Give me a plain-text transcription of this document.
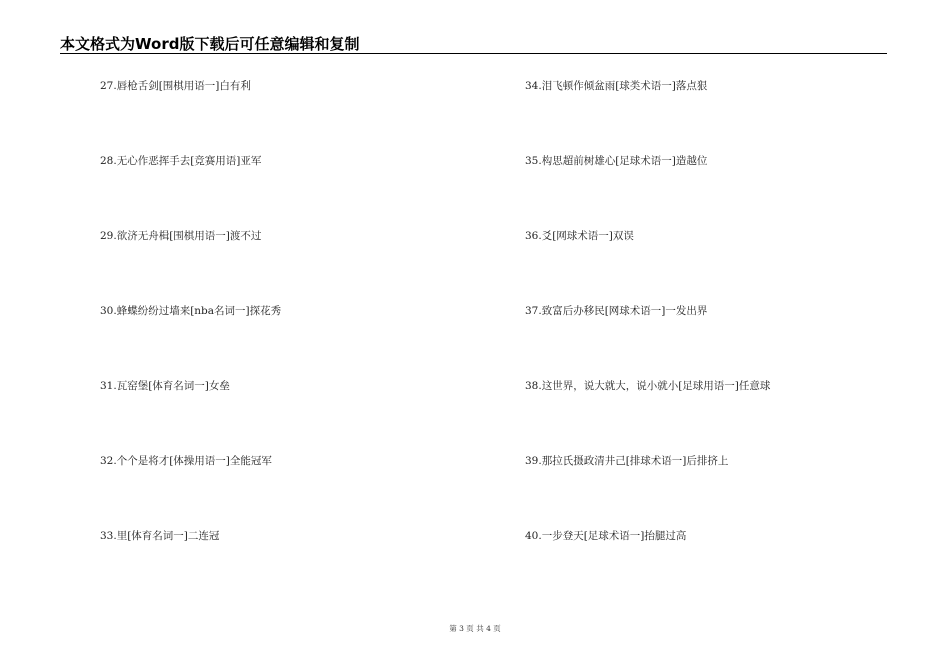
本文格式为Word版下载后可任意编辑和复制
27.唇枪舌剑[围棋用语一]白有利
28.无心作恶挥手去[竞赛用语]亚军
29.欲济无舟楫[围棋用语一]渡不过
30.蜂蝶纷纷过墙来[nba名词一]探花秀
31.瓦窑堡[体育名词一]女垒
32.个个是将才[体操用语一]全能冠军
33.里[体育名词一]二连冠
34.泪飞顿作倾盆雨[球类术语一]落点狠
35.构思超前树雄心[足球术语一]造越位
36.爻[网球术语一]双误
37.致富后办移民[网球术语一]一发出界
38.这世界，说大就大，说小就小[足球用语一]任意球
39.那拉氏摄政清井己[排球术语一]后排挤上
40.一步登天[足球术语一]抬腿过高
第 3 页 共 4 页
